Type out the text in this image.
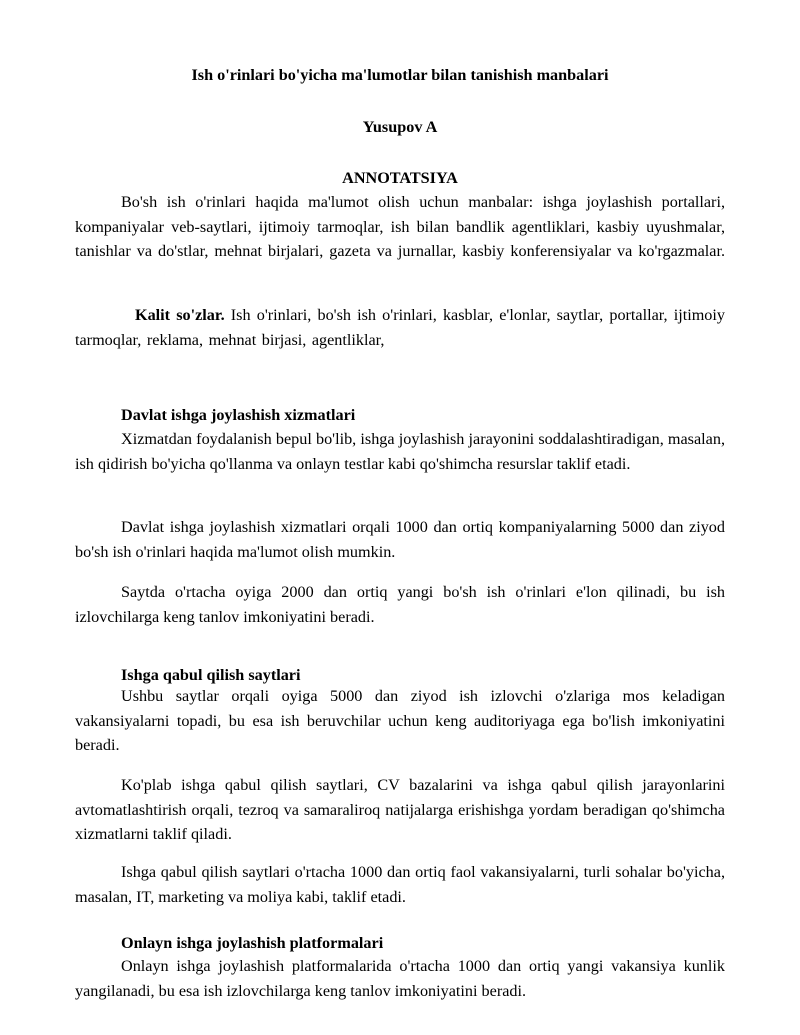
Ish o'rinlari bo'yicha ma'lumotlar bilan tanishish manbalari
Yusupov A
ANNOTATSIYA

Bo'sh ish o'rinlari haqida ma'lumot olish uchun manbalar: ishga joylashish portallari, kompaniyalar veb-saytlari, ijtimoiy tarmoqlar, ish bilan bandlik agentliklari, kasbiy uyushmalar, tanishlar va do'stlar, mehnat birjalari, gazeta va jurnallar, kasbiy konferensiyalar va ko'rgazmalar.

Kalit so'zlar. Ish o'rinlari, bo'sh ish o'rinlari, kasblar, e'lonlar, saytlar, portallar, ijtimoiy tarmoqlar, reklama, mehnat birjasi, agentliklar,

Davlat ishga joylashish xizmatlari

Xizmatdan foydalanish bepul bo'lib, ishga joylashish jarayonini soddalashtiradigan, masalan, ish qidirish bo'yicha qo'llanma va onlayn testlar kabi qo'shimcha resurslar taklif etadi.

Davlat ishga joylashish xizmatlari orqali 1000 dan ortiq kompaniyalarning 5000 dan ziyod bo'sh ish o'rinlari haqida ma'lumot olish mumkin.

Saytda o'rtacha oyiga 2000 dan ortiq yangi bo'sh ish o'rinlari e'lon qilinadi, bu ish izlovchilarga keng tanlov imkoniyatini beradi.

Ishga qabul qilish saytlari

Ushbu saytlar orqali oyiga 5000 dan ziyod ish izlovchi o'zlariga mos keladigan vakansiyalarni topadi, bu esa ish beruvchilar uchun keng auditoriyaga ega bo'lish imkoniyatini beradi.

Ko'plab ishga qabul qilish saytlari, CV bazalarini va ishga qabul qilish jarayonlarini avtomatlashtirish orqali, tezroq va samaraliroq natijalarga erishishga yordam beradigan qo'shimcha xizmatlarni taklif qiladi.

Ishga qabul qilish saytlari o'rtacha 1000 dan ortiq faol vakansiyalarni, turli sohalar bo'yicha, masalan, IT, marketing va moliya kabi, taklif etadi.

Onlayn ishga joylashish platformalari

Onlayn ishga joylashish platformalarida o'rtacha 1000 dan ortiq yangi vakansiya kunlik yangilanadi, bu esa ish izlovchilarga keng tanlov imkoniyatini beradi.
